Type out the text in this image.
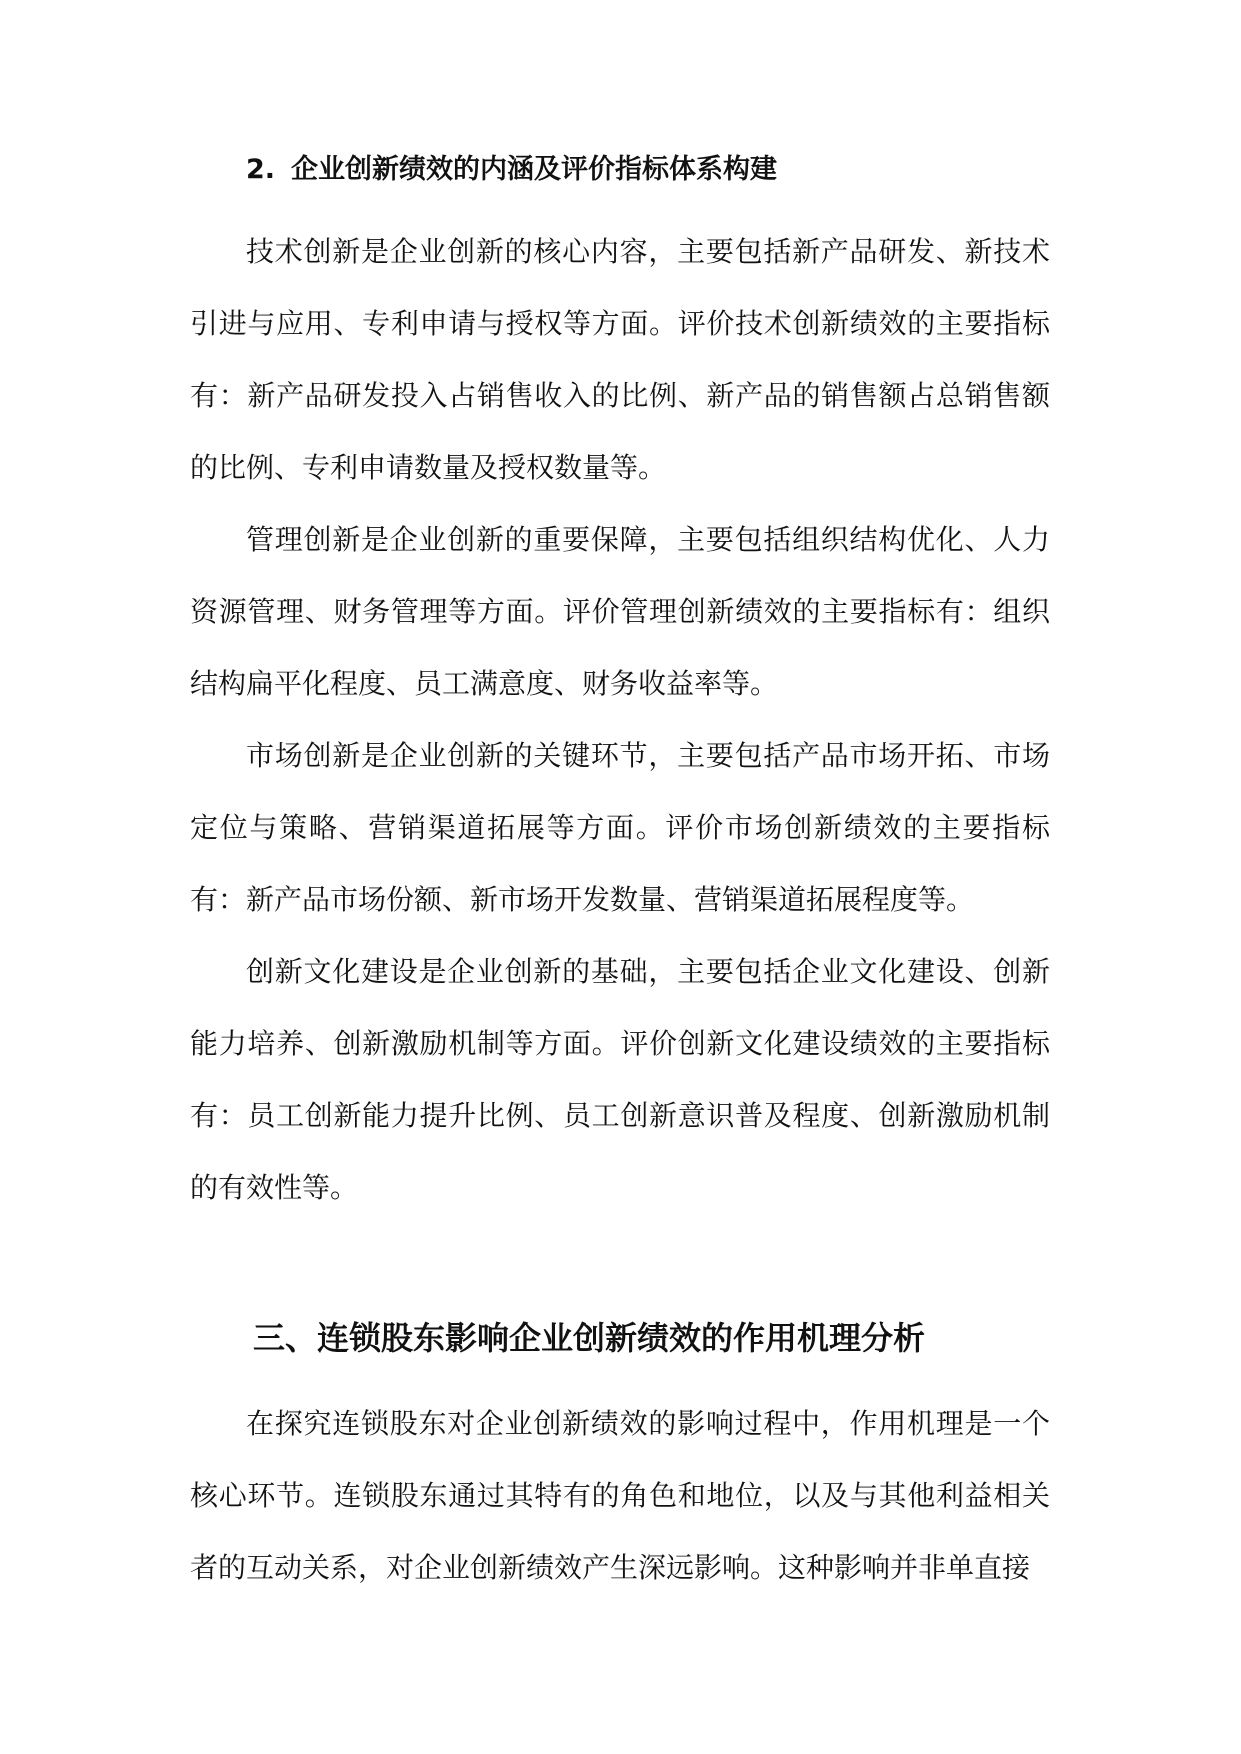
2. 企业创新绩效的内涵及评价指标体系构建

技术创新是企业创新的核心内容，主要包括新产品研发、新技术引进与应用、专利申请与授权等方面。评价技术创新绩效的主要指标有：新产品研发投入占销售收入的比例、新产品的销售额占总销售额的比例、专利申请数量及授权数量等。

管理创新是企业创新的重要保障，主要包括组织结构优化、人力资源管理、财务管理等方面。评价管理创新绩效的主要指标有：组织结构扁平化程度、员工满意度、财务收益率等。

市场创新是企业创新的关键环节，主要包括产品市场开拓、市场定位与策略、营销渠道拓展等方面。评价市场创新绩效的主要指标有：新产品市场份额、新市场开发数量、营销渠道拓展程度等。

创新文化建设是企业创新的基础，主要包括企业文化建设、创新能力培养、创新激励机制等方面。评价创新文化建设绩效的主要指标有：员工创新能力提升比例、员工创新意识普及程度、创新激励机制的有效性等。

三、连锁股东影响企业创新绩效的作用机理分析

在探究连锁股东对企业创新绩效的影响过程中，作用机理是一个核心环节。连锁股东通过其特有的角色和地位，以及与其他利益相关者的互动关系，对企业创新绩效产生深远影响。这种影响并非单直接
